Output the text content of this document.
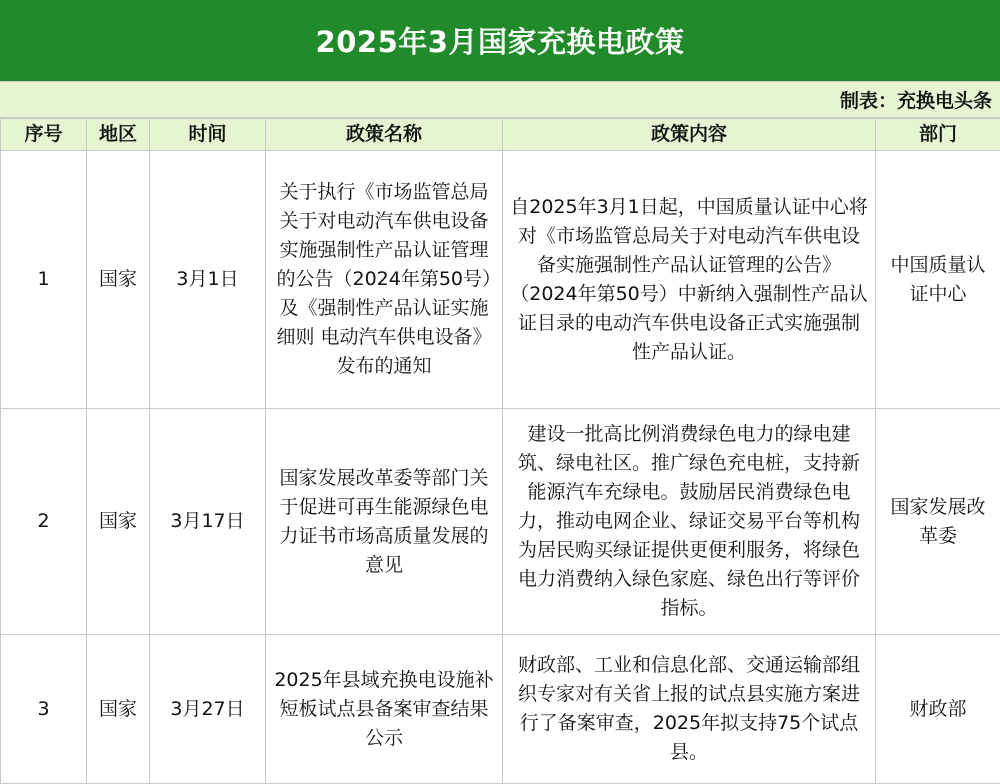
2025年3月国家充换电政策
制表：充换电头条
序号	地区	时间	政策名称	政策内容	部门
1	国家	3月1日	关于执行《市场监管总局关于对电动汽车供电设备实施强制性产品认证管理的公告（2024年第50号）及《强制性产品认证实施细则 电动汽车供电设备》发布的通知	自2025年3月1日起，中国质量认证中心将对《市场监管总局关于对电动汽车供电设备实施强制性产品认证管理的公告》（2024年第50号）中新纳入强制性产品认证目录的电动汽车供电设备正式实施强制性产品认证。	中国质量认证中心
2	国家	3月17日	国家发展改革委等部门关于促进可再生能源绿色电力证书市场高质量发展的意见	建设一批高比例消费绿色电力的绿电建筑、绿电社区。推广绿色充电桩，支持新能源汽车充绿电。鼓励居民消费绿色电力，推动电网企业、绿证交易平台等机构为居民购买绿证提供更便利服务，将绿色电力消费纳入绿色家庭、绿色出行等评价指标。	国家发展改革委
3	国家	3月27日	2025年县域充换电设施补短板试点县备案审查结果公示	财政部、工业和信息化部、交通运输部组织专家对有关省上报的试点县实施方案进行了备案审查，2025年拟支持75个试点县。	财政部
